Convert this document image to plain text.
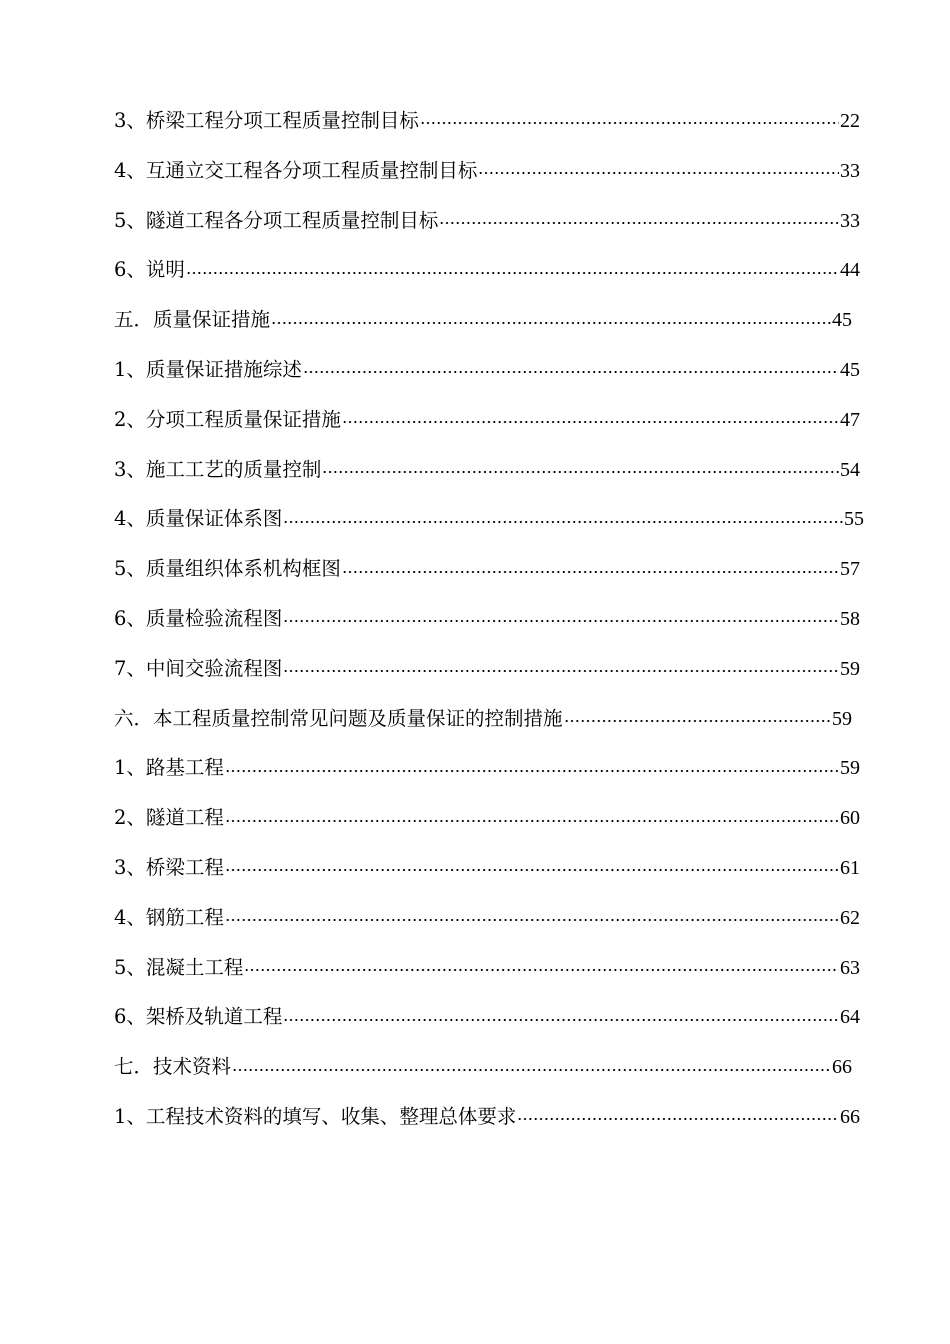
3、桥梁工程分项工程质量控制目标	22
4、互通立交工程各分项工程质量控制目标	33
5、隧道工程各分项工程质量控制目标	33
6、说明	44
五．质量保证措施	45
1、质量保证措施综述	45
2、分项工程质量保证措施	47
3、施工工艺的质量控制	54
4、质量保证体系图	55
5、质量组织体系机构框图	57
6、质量检验流程图	58
7、中间交验流程图	59
六．本工程质量控制常见问题及质量保证的控制措施	59
1、路基工程	59
2、隧道工程	60
3、桥梁工程	61
4、钢筋工程	62
5、混凝土工程	63
6、架桥及轨道工程	64
七．技术资料	66
1、工程技术资料的填写、收集、整理总体要求	66
